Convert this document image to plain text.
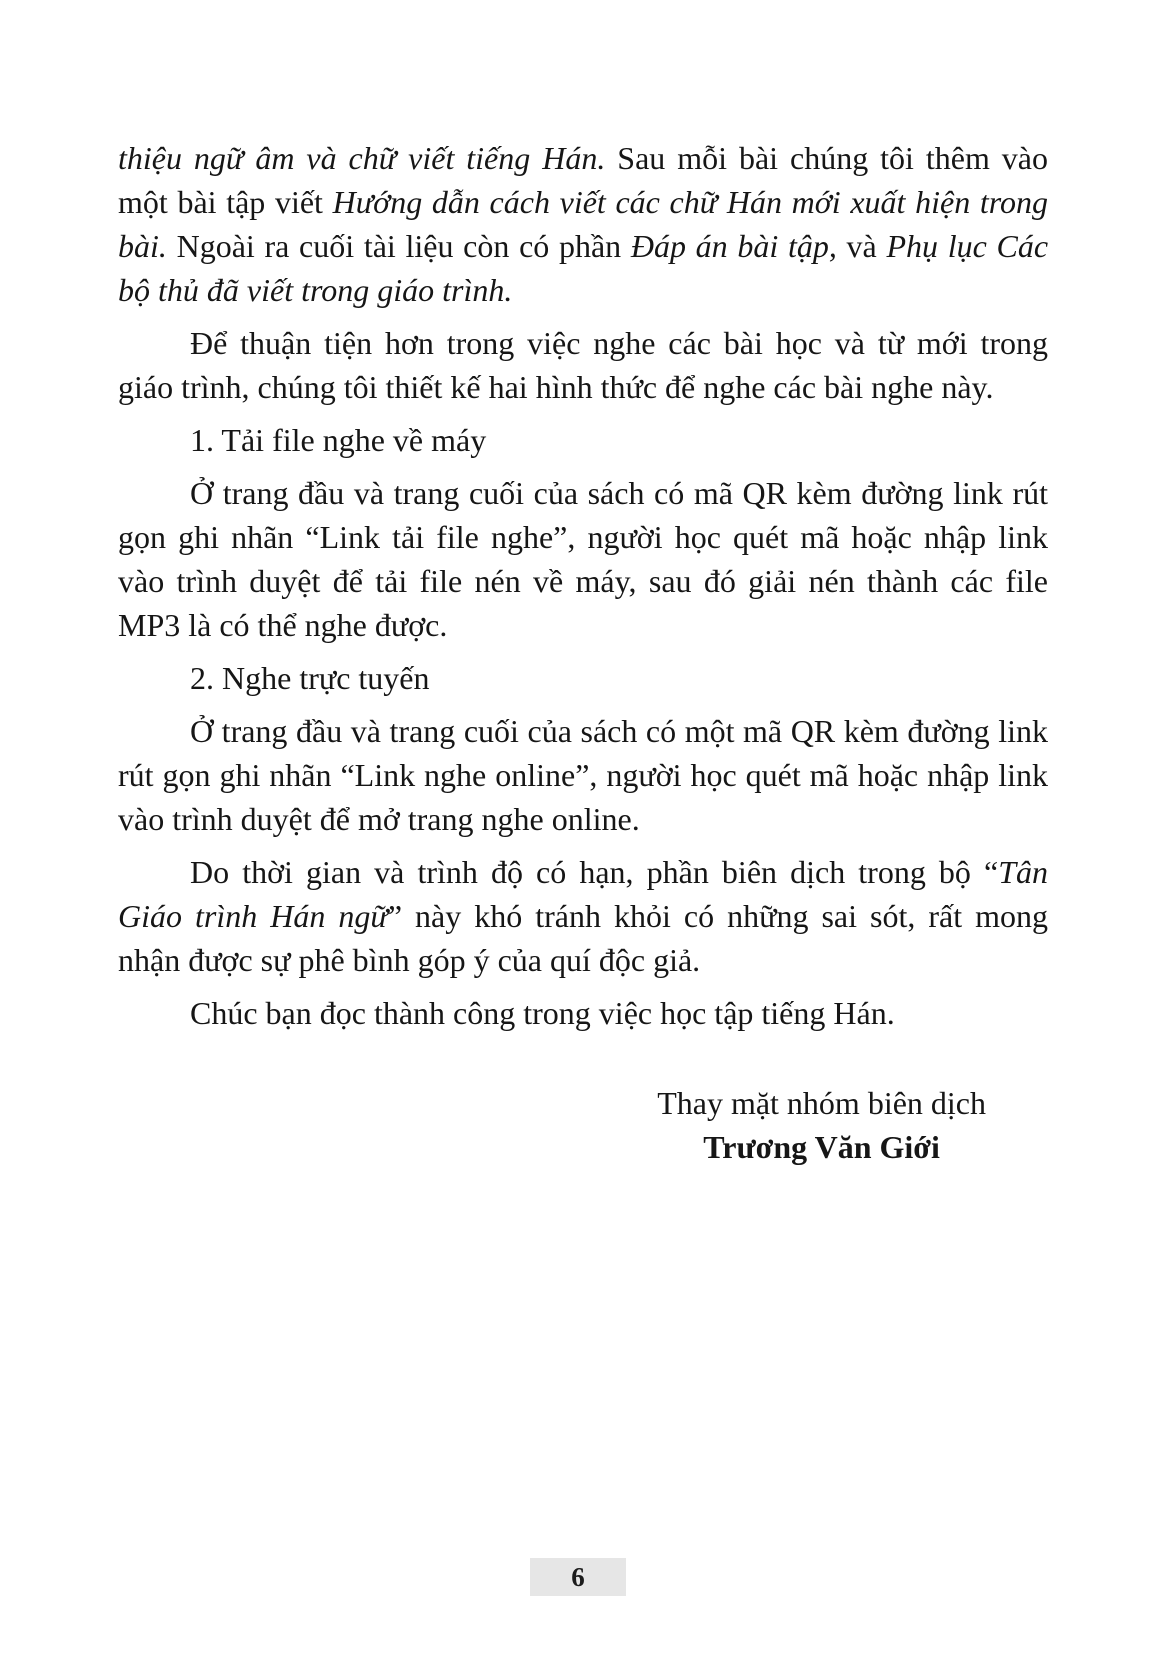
thiệu ngữ âm và chữ viết tiếng Hán. Sau mỗi bài chúng tôi thêm vào một bài tập viết Hướng dẫn cách viết các chữ Hán mới xuất hiện trong bài. Ngoài ra cuối tài liệu còn có phần Đáp án bài tập, và Phụ lục Các bộ thủ đã viết trong giáo trình.

Để thuận tiện hơn trong việc nghe các bài học và từ mới trong giáo trình, chúng tôi thiết kế hai hình thức để nghe các bài nghe này.

1. Tải file nghe về máy

Ở trang đầu và trang cuối của sách có mã QR kèm đường link rút gọn ghi nhãn “Link tải file nghe”, người học quét mã hoặc nhập link vào trình duyệt để tải file nén về máy, sau đó giải nén thành các file MP3 là có thể nghe được.

2. Nghe trực tuyến

Ở trang đầu và trang cuối của sách có một mã QR kèm đường link rút gọn ghi nhãn “Link nghe online”, người học quét mã hoặc nhập link vào trình duyệt để mở trang nghe online.

Do thời gian và trình độ có hạn, phần biên dịch trong bộ “Tân Giáo trình Hán ngữ” này khó tránh khỏi có những sai sót, rất mong nhận được sự phê bình góp ý của quí độc giả.

Chúc bạn đọc thành công trong việc học tập tiếng Hán.

Thay mặt nhóm biên dịch
Trương Văn Giới
6
